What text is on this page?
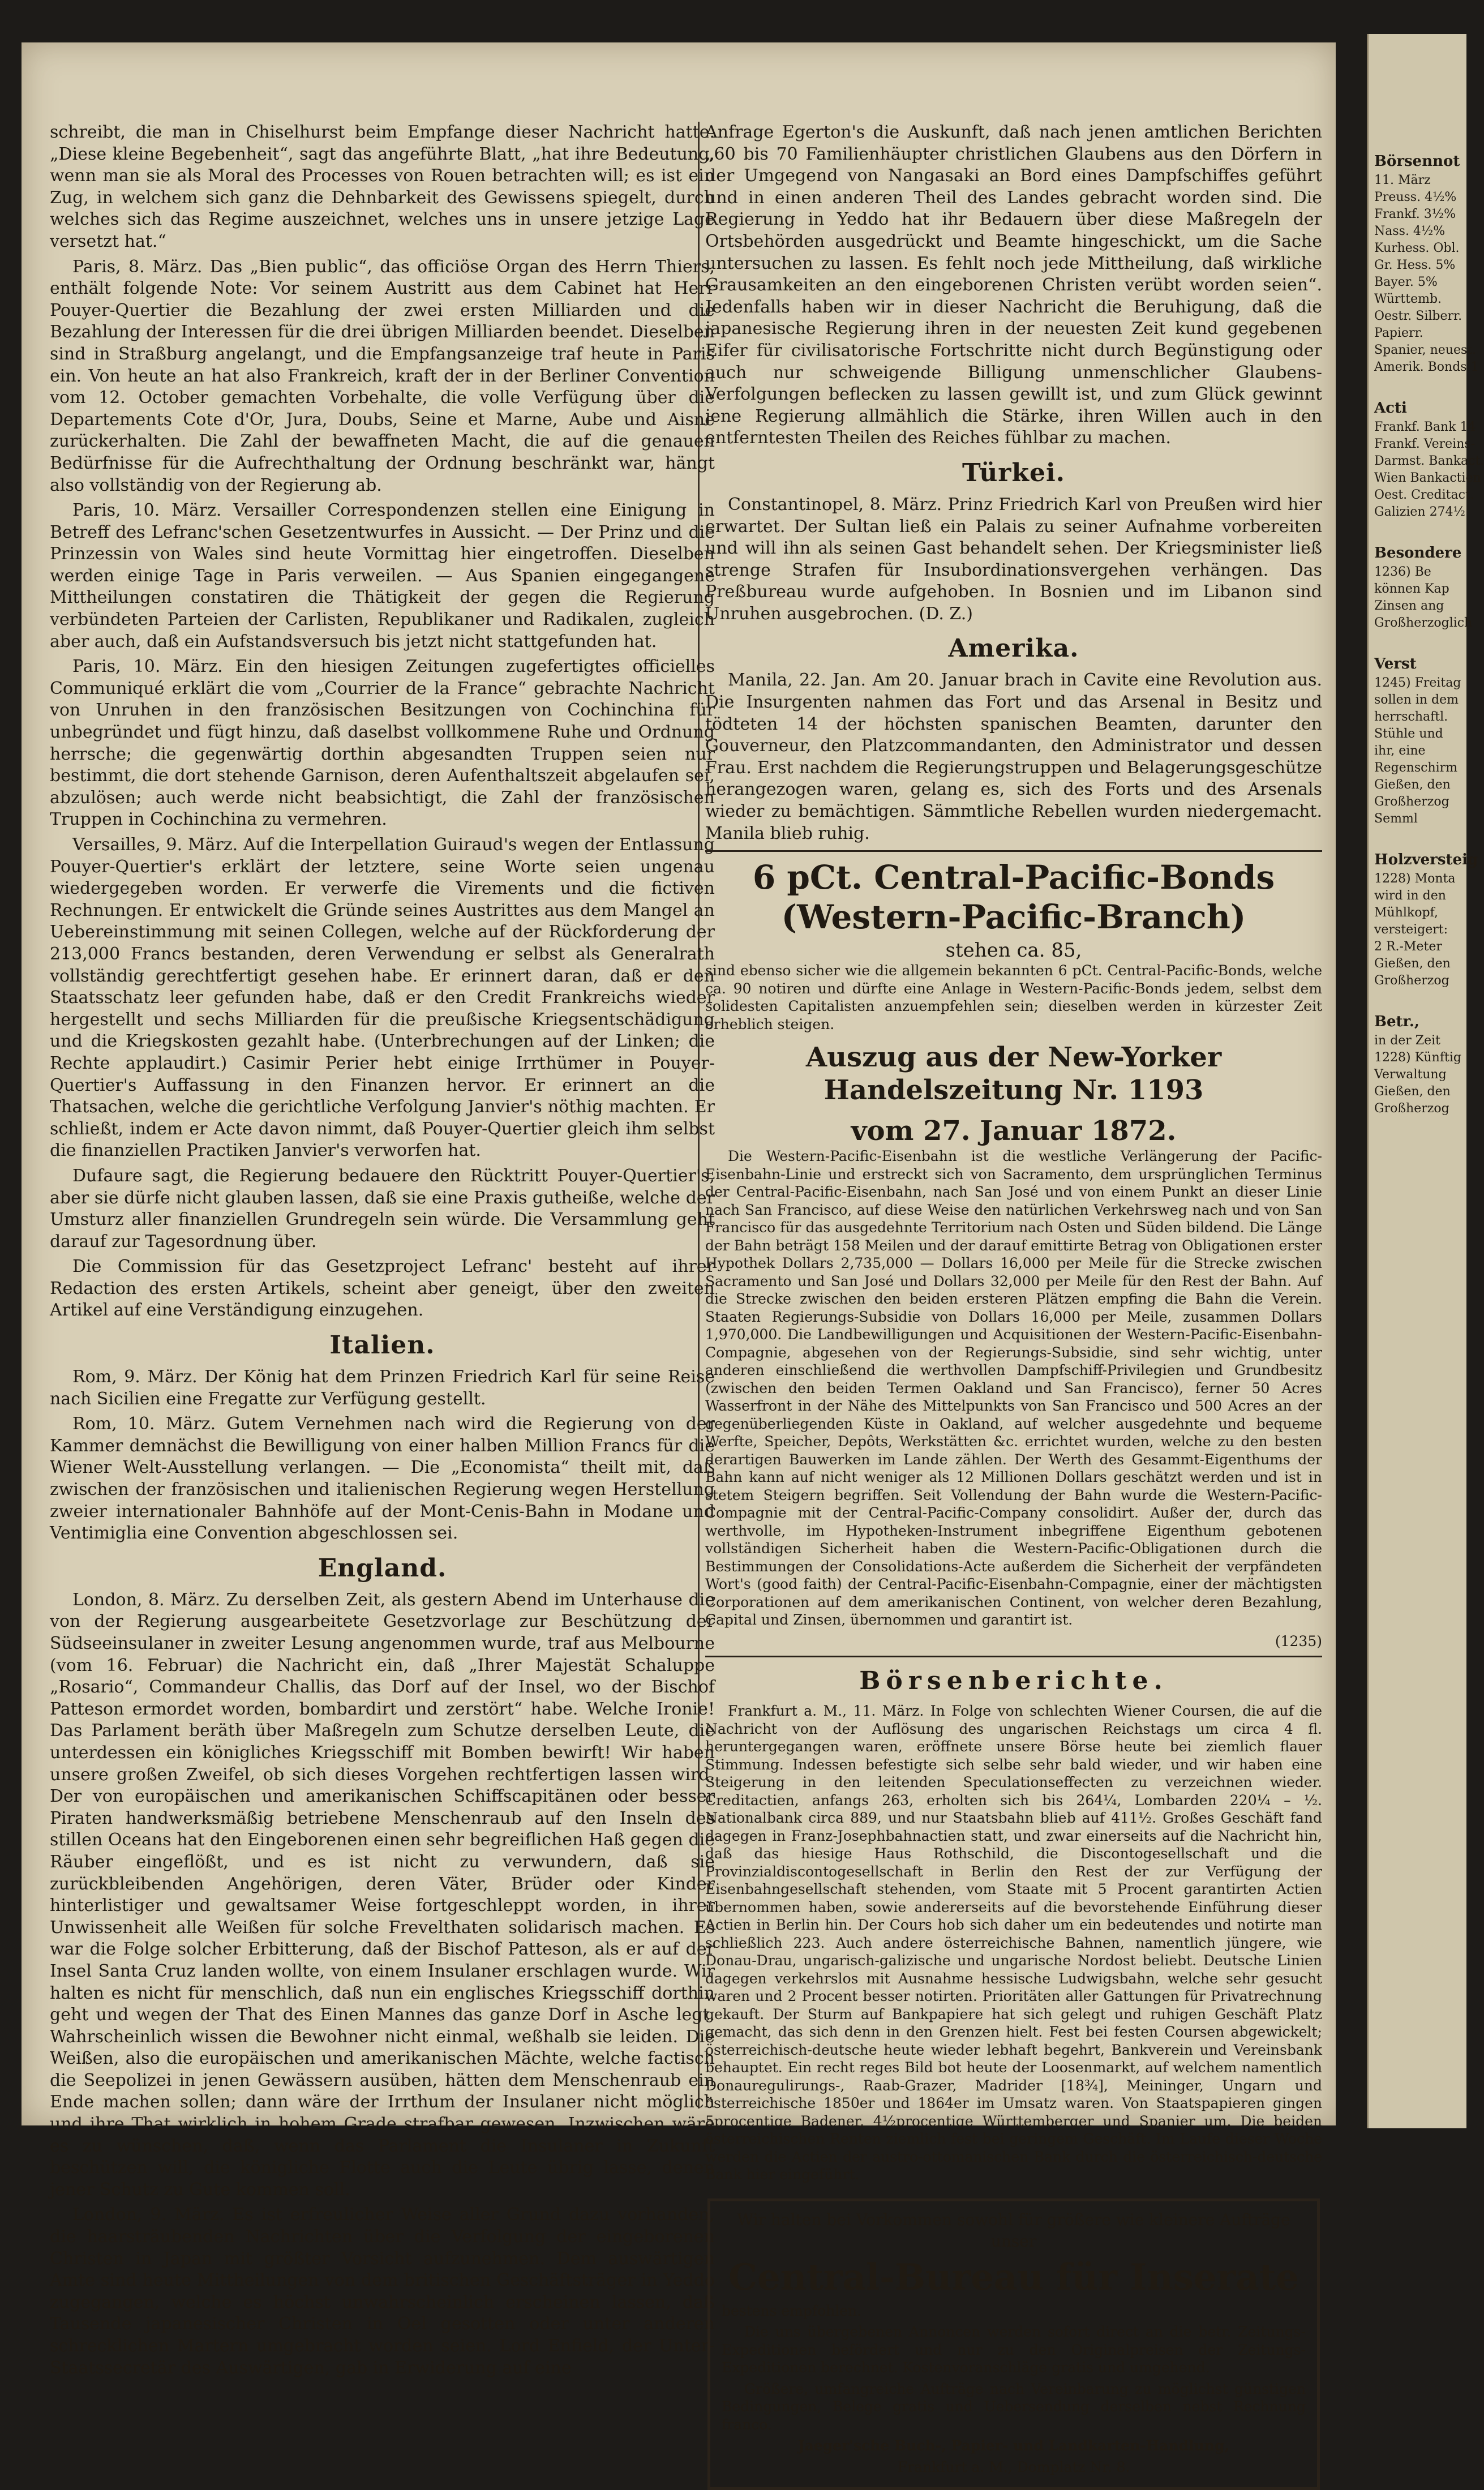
schreibt, die man in Chiselhurst beim Empfange dieser Nachricht hatte. „Diese kleine Begebenheit“, sagt das angeführte Blatt, „hat ihre Bedeutung, wenn man sie als Moral des Processes von Rouen betrachten will; es ist ein Zug, in welchem sich ganz die Dehnbarkeit des Gewissens spiegelt, durch welches sich das Regime auszeichnet, welches uns in unsere jetzige Lage versetzt hat.“

Paris, 8. März. Das „Bien public“, das officiöse Organ des Herrn Thiers, enthält folgende Note: Vor seinem Austritt aus dem Cabinet hat Herr Pouyer-Quertier die Bezahlung der zwei ersten Milliarden und die Bezahlung der Interessen für die drei übrigen Milliarden beendet. Dieselben sind in Straßburg angelangt, und die Empfangsanzeige traf heute in Paris ein. Von heute an hat also Frankreich, kraft der in der Berliner Convention vom 12. October gemachten Vorbehalte, die volle Verfügung über die Departements Cote d'Or, Jura, Doubs, Seine et Marne, Aube und Aisne zurückerhalten. Die Zahl der bewaffneten Macht, die auf die genauen Bedürfnisse für die Aufrechthaltung der Ordnung beschränkt war, hängt also vollständig von der Regierung ab.

Paris, 10. März. Versailler Correspondenzen stellen eine Einigung in Betreff des Lefranc'schen Gesetzentwurfes in Aussicht. — Der Prinz und die Prinzessin von Wales sind heute Vormittag hier eingetroffen. Dieselben werden einige Tage in Paris verweilen. — Aus Spanien eingegangene Mittheilungen constatiren die Thätigkeit der gegen die Regierung verbündeten Parteien der Carlisten, Republikaner und Radikalen, zugleich aber auch, daß ein Aufstandsversuch bis jetzt nicht stattgefunden hat.

Paris, 10. März. Ein den hiesigen Zeitungen zugefertigtes officielles Communiqué erklärt die vom „Courrier de la France“ gebrachte Nachricht von Unruhen in den französischen Besitzungen von Cochinchina für unbegründet und fügt hinzu, daß daselbst vollkommene Ruhe und Ordnung herrsche; die gegenwärtig dorthin abgesandten Truppen seien nur bestimmt, die dort stehende Garnison, deren Aufenthaltszeit abgelaufen sei, abzulösen; auch werde nicht beabsichtigt, die Zahl der französischen Truppen in Cochinchina zu vermehren.

Versailles, 9. März. Auf die Interpellation Guiraud's wegen der Entlassung Pouyer-Quertier's erklärt der letztere, seine Worte seien ungenau wiedergegeben worden. Er verwerfe die Virements und die fictiven Rechnungen. Er entwickelt die Gründe seines Austrittes aus dem Mangel an Uebereinstimmung mit seinen Collegen, welche auf der Rückforderung der 213,000 Francs bestanden, deren Verwendung er selbst als Generalrath vollständig gerechtfertigt gesehen habe. Er erinnert daran, daß er den Staatsschatz leer gefunden habe, daß er den Credit Frankreichs wieder hergestellt und sechs Milliarden für die preußische Kriegsentschädigung und die Kriegskosten gezahlt habe. (Unterbrechungen auf der Linken; die Rechte applaudirt.) Casimir Perier hebt einige Irrthümer in Pouyer-Quertier's Auffassung in den Finanzen hervor. Er erinnert an die Thatsachen, welche die gerichtliche Verfolgung Janvier's nöthig machten. Er schließt, indem er Acte davon nimmt, daß Pouyer-Quertier gleich ihm selbst die finanziellen Practiken Janvier's verworfen hat.

Dufaure sagt, die Regierung bedauere den Rücktritt Pouyer-Quertier's, aber sie dürfe nicht glauben lassen, daß sie eine Praxis gutheiße, welche der Umsturz aller finanziellen Grundregeln sein würde. Die Versammlung geht darauf zur Tagesordnung über.

Die Commission für das Gesetzproject Lefranc' besteht auf ihrer Redaction des ersten Artikels, scheint aber geneigt, über den zweiten Artikel auf eine Verständigung einzugehen.

Italien.

Rom, 9. März. Der König hat dem Prinzen Friedrich Karl für seine Reise nach Sicilien eine Fregatte zur Verfügung gestellt.

Rom, 10. März. Gutem Vernehmen nach wird die Regierung von der Kammer demnächst die Bewilligung von einer halben Million Francs für die Wiener Welt-Ausstellung verlangen. — Die „Economista“ theilt mit, daß zwischen der französischen und italienischen Regierung wegen Herstellung zweier internationaler Bahnhöfe auf der Mont-Cenis-Bahn in Modane und Ventimiglia eine Convention abgeschlossen sei.

England.

London, 8. März. Zu derselben Zeit, als gestern Abend im Unterhause die von der Regierung ausgearbeitete Gesetzvorlage zur Beschützung der Südseeinsulaner in zweiter Lesung angenommen wurde, traf aus Melbourne (vom 16. Februar) die Nachricht ein, daß „Ihrer Majestät Schaluppe „Rosario“, Commandeur Challis, das Dorf auf der Insel, wo der Bischof Patteson ermordet worden, bombardirt und zerstört“ habe. Welche Ironie! Das Parlament beräth über Maßregeln zum Schutze derselben Leute, die unterdessen ein königliches Kriegsschiff mit Bomben bewirft! Wir haben unsere großen Zweifel, ob sich dieses Vorgehen rechtfertigen lassen wird. Der von europäischen und amerikanischen Schiffscapitänen oder besser Piraten handwerksmäßig betriebene Menschenraub auf den Inseln des stillen Oceans hat den Eingeborenen einen sehr begreiflichen Haß gegen die Räuber eingeflößt, und es ist nicht zu verwundern, daß sie zurückbleibenden Angehörigen, deren Väter, Brüder oder Kinder hinterlistiger und gewaltsamer Weise fortgeschleppt worden, in ihrer Unwissenheit alle Weißen für solche Frevelthaten solidarisch machen. Es war die Folge solcher Erbitterung, daß der Bischof Patteson, als er auf der Insel Santa Cruz landen wollte, von einem Insulaner erschlagen wurde. Wir halten es nicht für menschlich, daß nun ein englisches Kriegsschiff dorthin geht und wegen der That des Einen Mannes das ganze Dorf in Asche legt. Wahrscheinlich wissen die Bewohner nicht einmal, weßhalb sie leiden. Die Weißen, also die europäischen und amerikanischen Mächte, welche factisch die Seepolizei in jenen Gewässern ausüben, hätten dem Menschenraub ein Ende machen sollen; dann wäre der Irrthum der Insulaner nicht möglich und ihre That wirklich in hohem Grade strafbar gewesen. Inzwischen wäre es zu wünschen, daß, wenn das Parlament die Insulaner in Zukunft beschützen will, die königliche Flotte auch die Leute übrig lasse, denen jener Schutz zu Gute kommen soll.

London, 9. März. Es ist erfreulicher Weise aller Grund dazu vorhanden, die haarsträubenden Nachrichten über die Verfolgung der eingeborenen Christen in Japan mit größter Vorsicht aufzunehmen. Dem auswärtigen Amte sind heute Mittheilungen von dem britischen Geschäftsträger in Yeddo zugegangen, welche es höchst unwahrscheinlich erscheinen lassen, daß Tausende japanesischer Christen in Oel gesotten oder unter anderen schrecklichen Martern umgebracht worden seien. Lord Enfield, der Unter-Staatssecretär des Auswärtigen, gab in Erwiderung auf eine

Anfrage Egerton's die Auskunft, daß nach jenen amtlichen Berichten „60 bis 70 Familienhäupter christlichen Glaubens aus den Dörfern in der Umgegend von Nangasaki an Bord eines Dampfschiffes geführt und in einen anderen Theil des Landes gebracht worden sind. Die Regierung in Yeddo hat ihr Bedauern über diese Maßregeln der Ortsbehörden ausgedrückt und Beamte hingeschickt, um die Sache untersuchen zu lassen. Es fehlt noch jede Mittheilung, daß wirkliche Grausamkeiten an den eingeborenen Christen verübt worden seien“. Jedenfalls haben wir in dieser Nachricht die Beruhigung, daß die japanesische Regierung ihren in der neuesten Zeit kund gegebenen Eifer für civilisatorische Fortschritte nicht durch Begünstigung oder auch nur schweigende Billigung unmenschlicher Glaubens-Verfolgungen beflecken zu lassen gewillt ist, und zum Glück gewinnt jene Regierung allmählich die Stärke, ihren Willen auch in den entferntesten Theilen des Reiches fühlbar zu machen.

Türkei.

Constantinopel, 8. März. Prinz Friedrich Karl von Preußen wird hier erwartet. Der Sultan ließ ein Palais zu seiner Aufnahme vorbereiten und will ihn als seinen Gast behandelt sehen. Der Kriegsminister ließ strenge Strafen für Insubordinationsvergehen verhängen. Das Preßbureau wurde aufgehoben. In Bosnien und im Libanon sind Unruhen ausgebrochen. (D. Z.)

Amerika.

Manila, 22. Jan. Am 20. Januar brach in Cavite eine Revolution aus. Die Insurgenten nahmen das Fort und das Arsenal in Besitz und tödteten 14 der höchsten spanischen Beamten, darunter den Gouverneur, den Platzcommandanten, den Administrator und dessen Frau. Erst nachdem die Regierungstruppen und Belagerungsgeschütze herangezogen waren, gelang es, sich des Forts und des Arsenals wieder zu bemächtigen. Sämmtliche Rebellen wurden niedergemacht. Manila blieb ruhig.

6 pCt. Central-Pacific-Bonds (Western-Pacific-Branch)
stehen ca. 85,

sind ebenso sicher wie die allgemein bekannten 6 pCt. Central-Pacific-Bonds, welche ca. 90 notiren und dürfte eine Anlage in Western-Pacific-Bonds jedem, selbst dem solidesten Capitalisten anzuempfehlen sein; dieselben werden in kürzester Zeit erheblich steigen.

Auszug aus der New-Yorker Handelszeitung Nr. 1193
vom 27. Januar 1872.

Die Western-Pacific-Eisenbahn ist die westliche Verlängerung der Pacific-Eisenbahn-Linie und erstreckt sich von Sacramento, dem ursprünglichen Terminus der Central-Pacific-Eisenbahn, nach San José und von einem Punkt an dieser Linie nach San Francisco, auf diese Weise den natürlichen Verkehrsweg nach und von San Francisco für das ausgedehnte Territorium nach Osten und Süden bildend. Die Länge der Bahn beträgt 158 Meilen und der darauf emittirte Betrag von Obligationen erster Hypothek Dollars 2,735,000 — Dollars 16,000 per Meile für die Strecke zwischen Sacramento und San José und Dollars 32,000 per Meile für den Rest der Bahn. Auf die Strecke zwischen den beiden ersteren Plätzen empfing die Bahn die Verein. Staaten Regierungs-Subsidie von Dollars 16,000 per Meile, zusammen Dollars 1,970,000. Die Landbewilligungen und Acquisitionen der Western-Pacific-Eisenbahn-Compagnie, abgesehen von der Regierungs-Subsidie, sind sehr wichtig, unter anderen einschließend die werthvollen Dampfschiff-Privilegien und Grundbesitz (zwischen den beiden Termen Oakland und San Francisco), ferner 50 Acres Wasserfront in der Nähe des Mittelpunkts von San Francisco und 500 Acres an der gegenüberliegenden Küste in Oakland, auf welcher ausgedehnte und bequeme Werfte, Speicher, Depôts, Werkstätten &c. errichtet wurden, welche zu den besten derartigen Bauwerken im Lande zählen. Der Werth des Gesammt-Eigenthums der Bahn kann auf nicht weniger als 12 Millionen Dollars geschätzt werden und ist in stetem Steigern begriffen. Seit Vollendung der Bahn wurde die Western-Pacific-Compagnie mit der Central-Pacific-Company consolidirt. Außer der, durch das werthvolle, im Hypotheken-Instrument inbegriffene Eigenthum gebotenen vollständigen Sicherheit haben die Western-Pacific-Obligationen durch die Bestimmungen der Consolidations-Acte außerdem die Sicherheit der verpfändeten Wort's (good faith) der Central-Pacific-Eisenbahn-Compagnie, einer der mächtigsten Corporationen auf dem amerikanischen Continent, von welcher deren Bezahlung, Capital und Zinsen, übernommen und garantirt ist.

(1235)

Börsenberichte.

Frankfurt a. M., 11. März. In Folge von schlechten Wiener Coursen, die auf die Nachricht von der Auflösung des ungarischen Reichstags um circa 4 fl. heruntergegangen waren, eröffnete unsere Börse heute bei ziemlich flauer Stimmung. Indessen befestigte sich selbe sehr bald wieder, und wir haben eine Steigerung in den leitenden Speculationseffecten zu verzeichnen wieder. Creditactien, anfangs 263, erholten sich bis 264¼, Lombarden 220¼ – ½. Nationalbank circa 889, und nur Staatsbahn blieb auf 411½. Großes Geschäft fand dagegen in Franz-Josephbahnactien statt, und zwar einerseits auf die Nachricht hin, daß das hiesige Haus Rothschild, die Discontogesellschaft und die Provinzialdiscontogesellschaft in Berlin den Rest der zur Verfügung der Eisenbahngesellschaft stehenden, vom Staate mit 5 Procent garantirten Actien übernommen haben, sowie andererseits auf die bevorstehende Einführung dieser Actien in Berlin hin. Der Cours hob sich daher um ein bedeutendes und notirte man schließlich 223. Auch andere österreichische Bahnen, namentlich jüngere, wie Donau-Drau, ungarisch-galizische und ungarische Nordost beliebt. Deutsche Linien dagegen verkehrslos mit Ausnahme hessische Ludwigsbahn, welche sehr gesucht waren und 2 Procent besser notirten. Prioritäten aller Gattungen für Privatrechnung gekauft. Der Sturm auf Bankpapiere hat sich gelegt und ruhigen Geschäft Platz gemacht, das sich denn in den Grenzen hielt. Fest bei festen Coursen abgewickelt; österreichisch-deutsche heute wieder lebhaft begehrt, Bankverein und Vereinsbank behauptet. Ein recht reges Bild bot heute der Loosenmarkt, auf welchem namentlich Donauregulirungs-, Raab-Grazer, Madrider [18¾], Meininger, Ungarn und österreichische 1850er und 1864er im Umsatz waren. Von Staatspapieren gingen 5procentige Badener, 4½procentige Württemberger und Spanier um. Die beiden österreichischen Renten ziemlich fest bei geringem Geschäft. Im Laufe dieser Woche werden die Actien der austro-ottomanischen Bank durch die österreichisch-deutsche Bank hier eingeführt.

Wir halten bei Vorkommen sowohl für größere wie kleinere Aufträge unser

Central-Bureau für Inserate

bestens empfohlen.

Die uns übergebenen Annoncen werden sofort direct an die betr. Zeitungs-Expeditionen befördert und nur zu den Originalpreisen der Zeitungs-Expeditionen berechnet. Kostenvoranschläge gratis und umgehend.

Größere, umfangreiche Aufträge nach Vereinbarung zu möglichst günstigen Bedingungen, Belege gratis und Uebersendung derselben nebst Rechnung franco.

Jaeger'sche Buch-, Papier- und Landkarten-Handlung,

Frankfurt a. M., Domplatz Nr. 8.

Börsennot
11. März
Preuss. 4½%
Frankf. 3½%
Nass. 4½%
Kurhess. Obl.
Gr. Hess. 5%
Bayer. 5%
Württemb.
Oestr. Silberr.
Papierr.
Spanier, neuest.
Amerik. Bonds 1
Acti
Frankf. Bank 14
Frankf. Vereins-
Darmst. Bankact.
Wien Bankactien
Oest. Creditact.
Galizien 274½
Besondere
1236) Be
können Kap
Zinsen ang
Großherzoglich
Verst
1245) Freitag
sollen in dem
herrschaftl.
Stühle und
ihr, eine
Regenschirm
Gießen, den
Großherzog
Semml
Holzversteig
1228) Monta
wird in den
Mühlkopf,
versteigert:
2 R.-Meter
Gießen, den
Großherzog
Betr.,
in der Zeit
1228) Künftig
Verwaltung
Gießen, den
Großherzog
